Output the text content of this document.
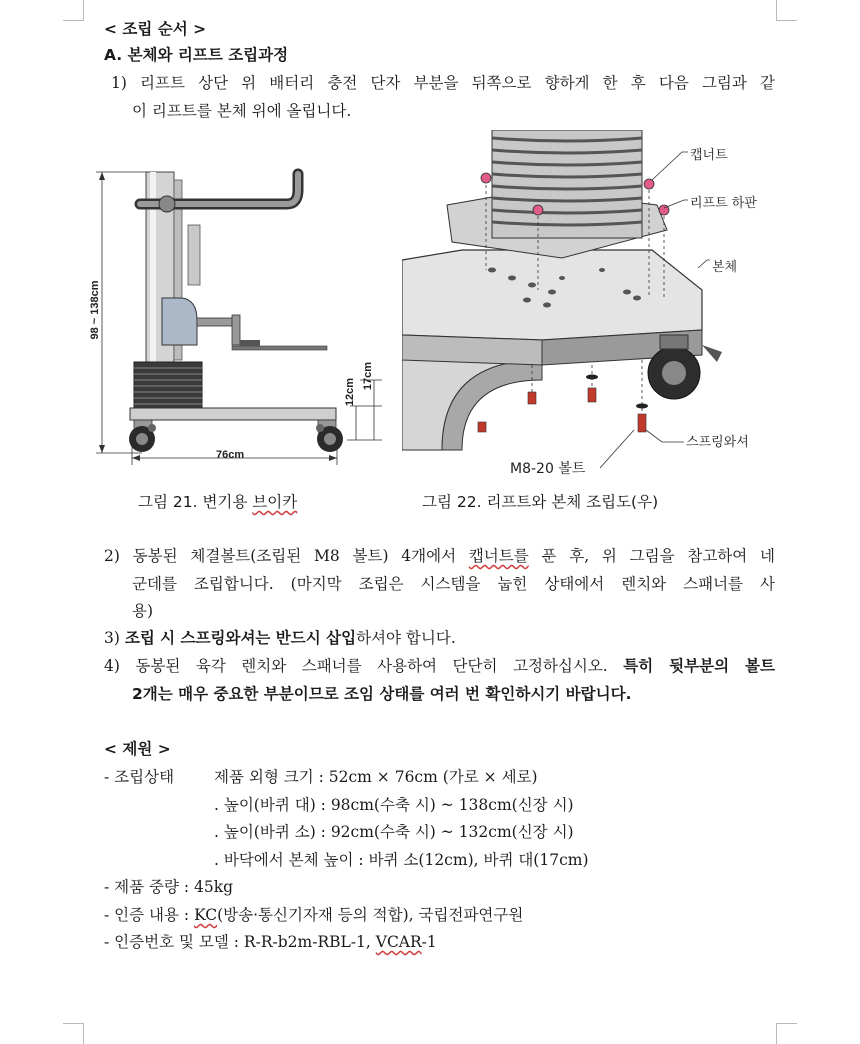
< 조립 순서 >
A. 본체와 리프트 조립과정
1) 리프트 상단 위 배터리 충전 단자 부분을 뒤쪽으로 향하게 한 후 다음 그림과 같
이 리프트를 본체 위에 올립니다.
98 ~ 138cm
76cm
12cm
17cm
캡너트
리프트 하판
본체
스프링와셔
M8-20 볼트
그림 21. 변기용 브이카	그림 22. 리프트와 본체 조립도(우)
2) 동봉된 체결볼트(조립된 M8 볼트) 4개에서 캡너트를 푼 후, 위 그림을 참고하여 네
군데를 조립합니다. (마지막 조립은 시스템을 눕힌 상태에서 렌치와 스패너를 사
용)
3) 조립 시 스프링와셔는 반드시 삽입하셔야 합니다.
4) 동봉된 육각 렌치와 스패너를 사용하여 단단히 고정하십시오. 특히 뒷부분의 볼트
2개는 매우 중요한 부분이므로 조임 상태를 여러 번 확인하시기 바랍니다.
< 제원 >
- 조립상태	제품 외형 크기 : 52cm × 76cm (가로 × 세로)
. 높이(바퀴 대) : 98cm(수축 시) ~ 138cm(신장 시)
. 높이(바퀴 소) : 92cm(수축 시) ~ 132cm(신장 시)
. 바닥에서 본체 높이 : 바퀴 소(12cm), 바퀴 대(17cm)
- 제품 중량 : 45kg
- 인증 내용 : KC(방송·통신기자재 등의 적합), 국립전파연구원
- 인증번호 및 모델 : R-R-b2m-RBL-1, VCAR-1
